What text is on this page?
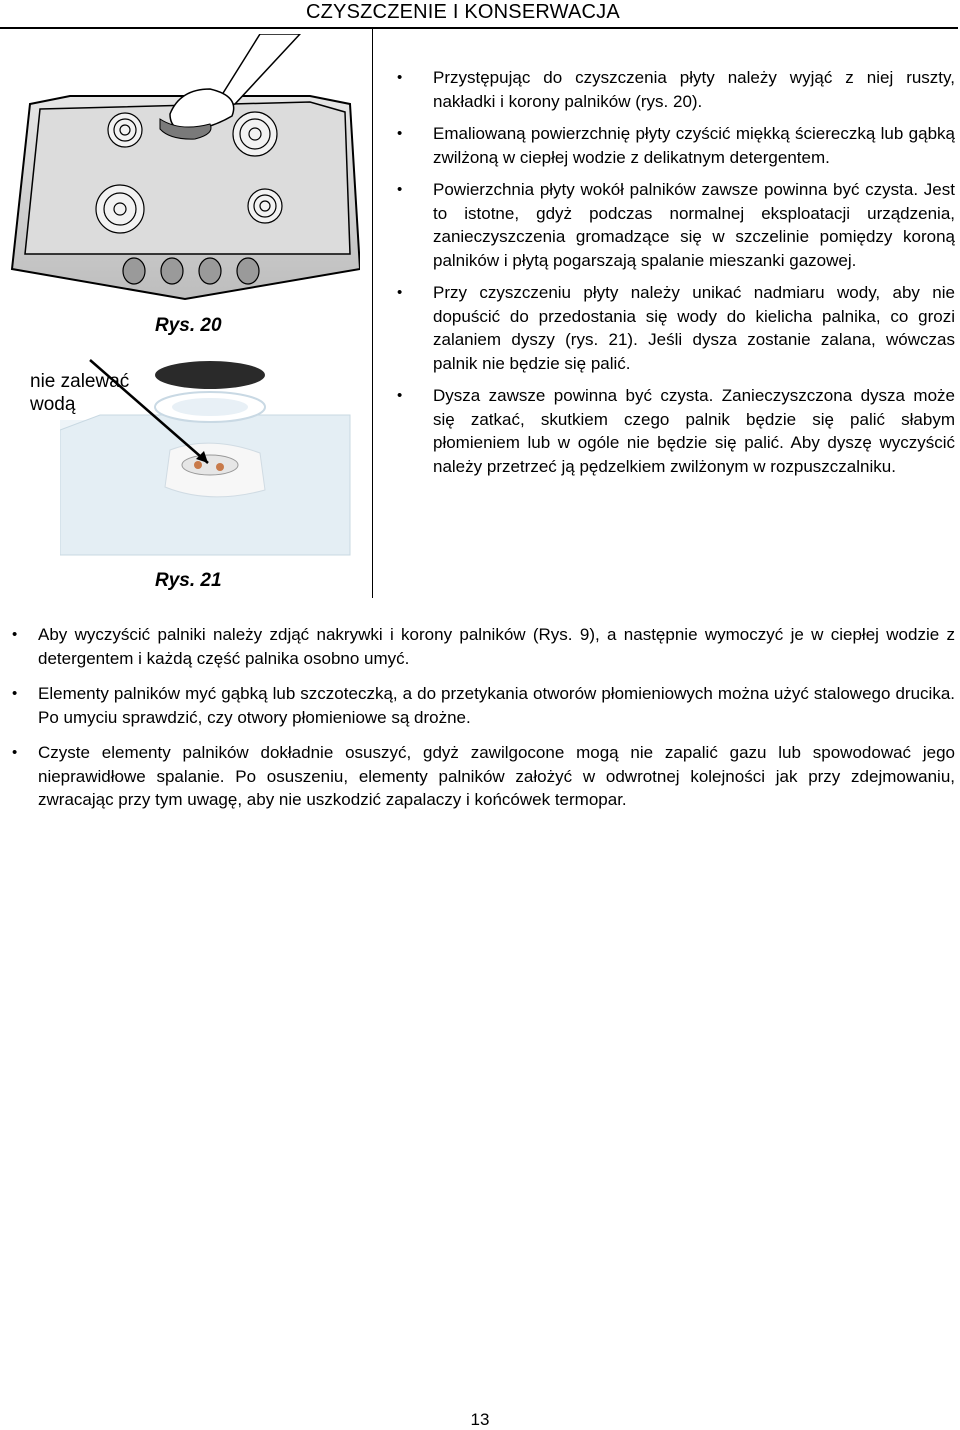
CZYSZCZENIE I KONSERWACJA
Rys. 20
nie zalewać wodą
Rys. 21
• Przystępując do czyszczenia płyty należy wyjąć z niej ruszty, nakładki i korony palników (rys. 20).
• Emaliowaną powierzchnię płyty czyścić miękką ściereczką lub gąbką zwilżoną w ciepłej wodzie z delikatnym detergentem.
• Powierzchnia płyty wokół palników zawsze powinna być czysta. Jest to istotne, gdyż podczas normalnej eksploatacji urządzenia, zanieczyszczenia gromadzące się w szczelinie pomiędzy koroną palników i płytą pogarszają spalanie mieszanki gazowej.
• Przy czyszczeniu płyty należy unikać nadmiaru wody, aby nie dopuścić do przedostania się wody do kielicha palnika, co grozi zalaniem dyszy (rys. 21). Jeśli dysza zostanie zalana, wówczas palnik nie będzie się palić.
• Dysza zawsze powinna być czysta. Zanieczyszczona dysza może się zatkać, skutkiem czego palnik będzie się palić słabym płomieniem lub w ogóle nie będzie się palić. Aby dyszę wyczyścić należy przetrzeć ją pędzelkiem zwilżonym w rozpuszczalniku.
• Aby wyczyścić palniki należy zdjąć nakrywki i korony palników (Rys. 9), a następnie wymoczyć je w ciepłej wodzie z detergentem i każdą część palnika osobno umyć.
• Elementy palników myć gąbką lub szczoteczką, a do przetykania otworów płomieniowych można użyć stalowego drucika. Po umyciu sprawdzić, czy otwory płomieniowe są drożne.
• Czyste elementy palników dokładnie osuszyć, gdyż zawilgocone mogą nie zapalić gazu lub spowodować jego nieprawidłowe spalanie. Po osuszeniu, elementy palników założyć w odwrotnej kolejności jak przy zdejmowaniu, zwracając przy tym uwagę, aby nie uszkodzić zapalaczy i końcówek termopar.
13
